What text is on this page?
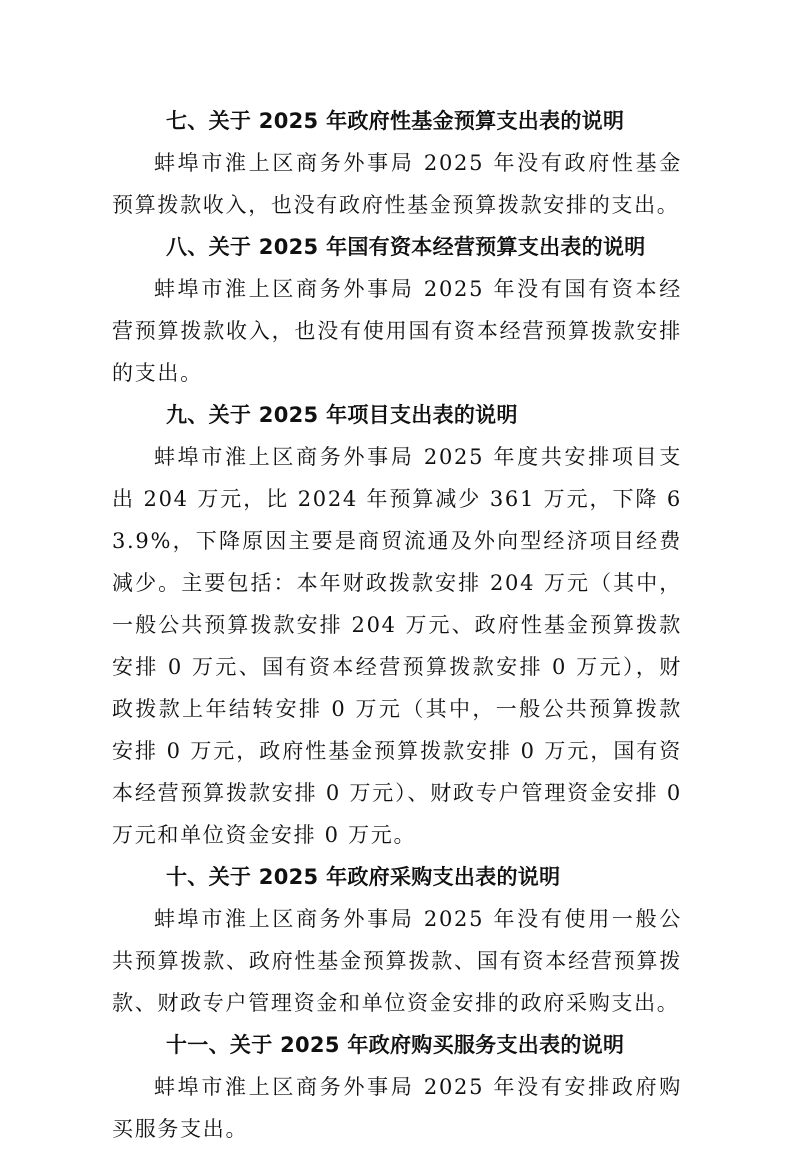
七、关于 2025 年政府性基金预算支出表的说明

蚌埠市淮上区商务外事局 2025 年没有政府性基金预算拨款收入，也没有政府性基金预算拨款安排的支出。

八、关于 2025 年国有资本经营预算支出表的说明

蚌埠市淮上区商务外事局 2025 年没有国有资本经营预算拨款收入，也没有使用国有资本经营预算拨款安排的支出。

九、关于 2025 年项目支出表的说明

蚌埠市淮上区商务外事局 2025 年度共安排项目支出 204 万元，比 2024 年预算减少 361 万元，下降 63.9%，下降原因主要是商贸流通及外向型经济项目经费减少。主要包括：本年财政拨款安排 204 万元（其中，一般公共预算拨款安排 204 万元、政府性基金预算拨款安排 0 万元、国有资本经营预算拨款安排 0 万元），财政拨款上年结转安排 0 万元（其中，一般公共预算拨款安排 0 万元，政府性基金预算拨款安排 0 万元，国有资本经营预算拨款安排 0 万元）、财政专户管理资金安排 0 万元和单位资金安排 0 万元。

十、关于 2025 年政府采购支出表的说明

蚌埠市淮上区商务外事局 2025 年没有使用一般公共预算拨款、政府性基金预算拨款、国有资本经营预算拨款、财政专户管理资金和单位资金安排的政府采购支出。

十一、关于 2025 年政府购买服务支出表的说明

蚌埠市淮上区商务外事局 2025 年没有安排政府购买服务支出。
